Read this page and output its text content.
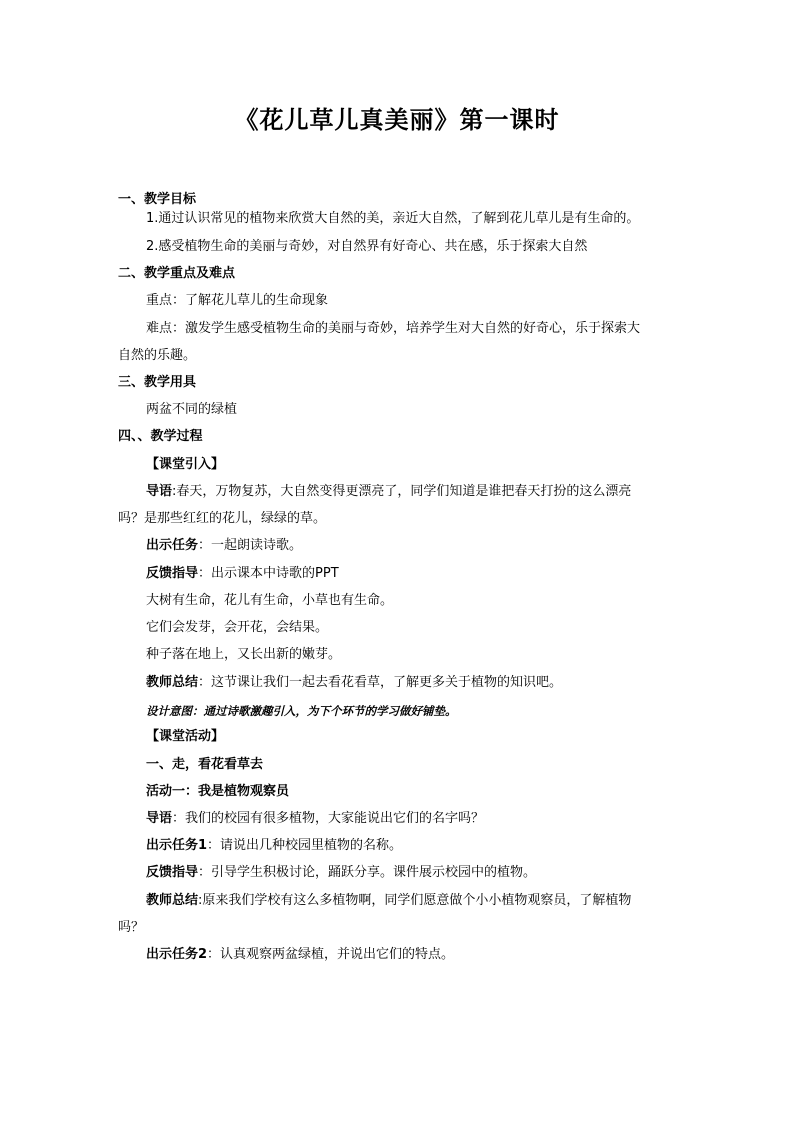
《花儿草儿真美丽》第一课时
一、教学目标
1.通过认识常见的植物来欣赏大自然的美，亲近大自然，了解到花儿草儿是有生命的。
2.感受植物生命的美丽与奇妙，对自然界有好奇心、共在感，乐于探索大自然
二、教学重点及难点
重点：了解花儿草儿的生命现象
难点：激发学生感受植物生命的美丽与奇妙，培养学生对大自然的好奇心，乐于探索大
自然的乐趣。
三、教学用具
两盆不同的绿植
四、、教学过程
【课堂引入】
导语:春天，万物复苏，大自然变得更漂亮了，同学们知道是谁把春天打扮的这么漂亮
吗？是那些红红的花儿，绿绿的草。
出示任务：一起朗读诗歌。
反馈指导：出示课本中诗歌的PPT
大树有生命，花儿有生命，小草也有生命。
它们会发芽，会开花，会结果。
种子落在地上，又长出新的嫩芽。
教师总结：这节课让我们一起去看花看草，了解更多关于植物的知识吧。
设计意图：通过诗歌激趣引入，为下个环节的学习做好铺垫。
【课堂活动】
一、走，看花看草去
活动一：我是植物观察员
导语：我们的校园有很多植物，大家能说出它们的名字吗？
出示任务1：请说出几种校园里植物的名称。
反馈指导：引导学生积极讨论，踊跃分享。课件展示校园中的植物。
教师总结:原来我们学校有这么多植物啊，同学们愿意做个小小植物观察员，了解植物
吗？
出示任务2：认真观察两盆绿植，并说出它们的特点。
